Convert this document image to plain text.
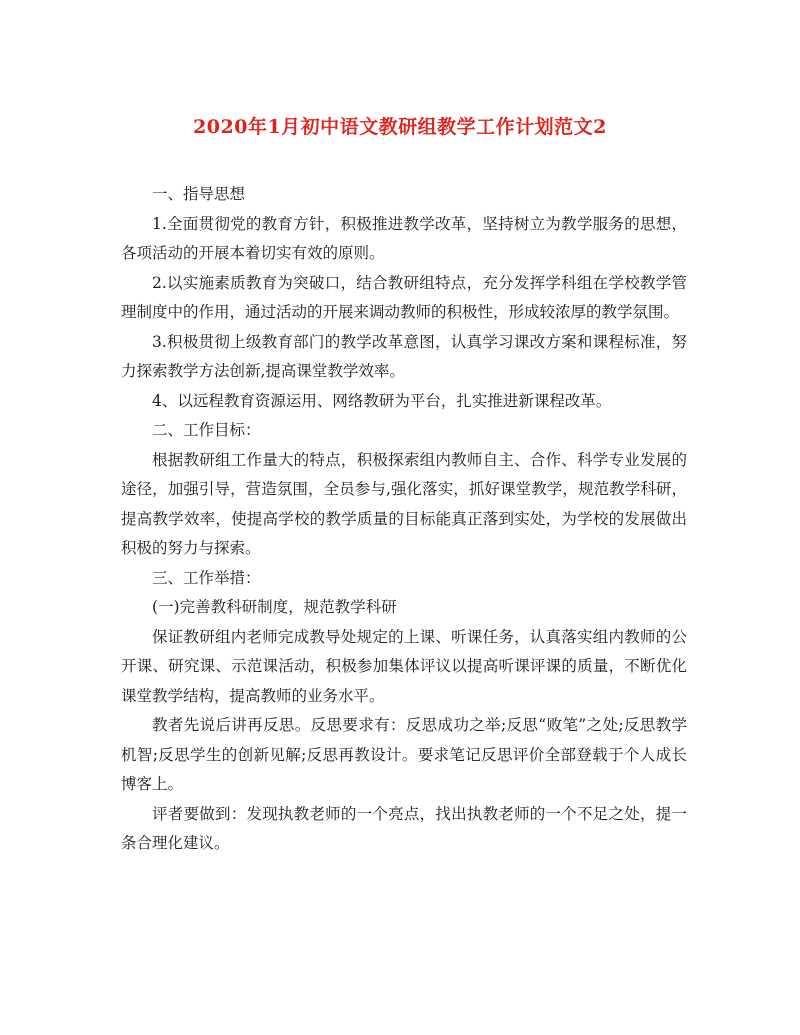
2020年1月初中语文教研组教学工作计划范文2

一、指导思想

1.全面贯彻党的教育方针，积极推进教学改革，坚持树立为教学服务的思想，各项活动的开展本着切实有效的原则。

2.以实施素质教育为突破口，结合教研组特点，充分发挥学科组在学校教学管理制度中的作用，通过活动的开展来调动教师的积极性，形成较浓厚的教学氛围。

3.积极贯彻上级教育部门的教学改革意图，认真学习课改方案和课程标准，努力探索教学方法创新,提高课堂教学效率。

4、以远程教育资源运用、网络教研为平台，扎实推进新课程改革。

二、工作目标：

根据教研组工作量大的特点，积极探索组内教师自主、合作、科学专业发展的途径，加强引导，营造氛围，全员参与,强化落实，抓好课堂教学，规范教学科研，提高教学效率，使提高学校的教学质量的目标能真正落到实处，为学校的发展做出积极的努力与探索。

三、工作举措：

(一)完善教科研制度，规范教学科研

保证教研组内老师完成教导处规定的上课、听课任务，认真落实组内教师的公开课、研究课、示范课活动，积极参加集体评议以提高听课评课的质量，不断优化课堂教学结构，提高教师的业务水平。

教者先说后讲再反思。反思要求有：反思成功之举;反思“败笔”之处;反思教学机智;反思学生的创新见解;反思再教设计。要求笔记反思评价全部登载于个人成长博客上。

评者要做到：发现执教老师的一个亮点，找出执教老师的一个不足之处，提一条合理化建议。
